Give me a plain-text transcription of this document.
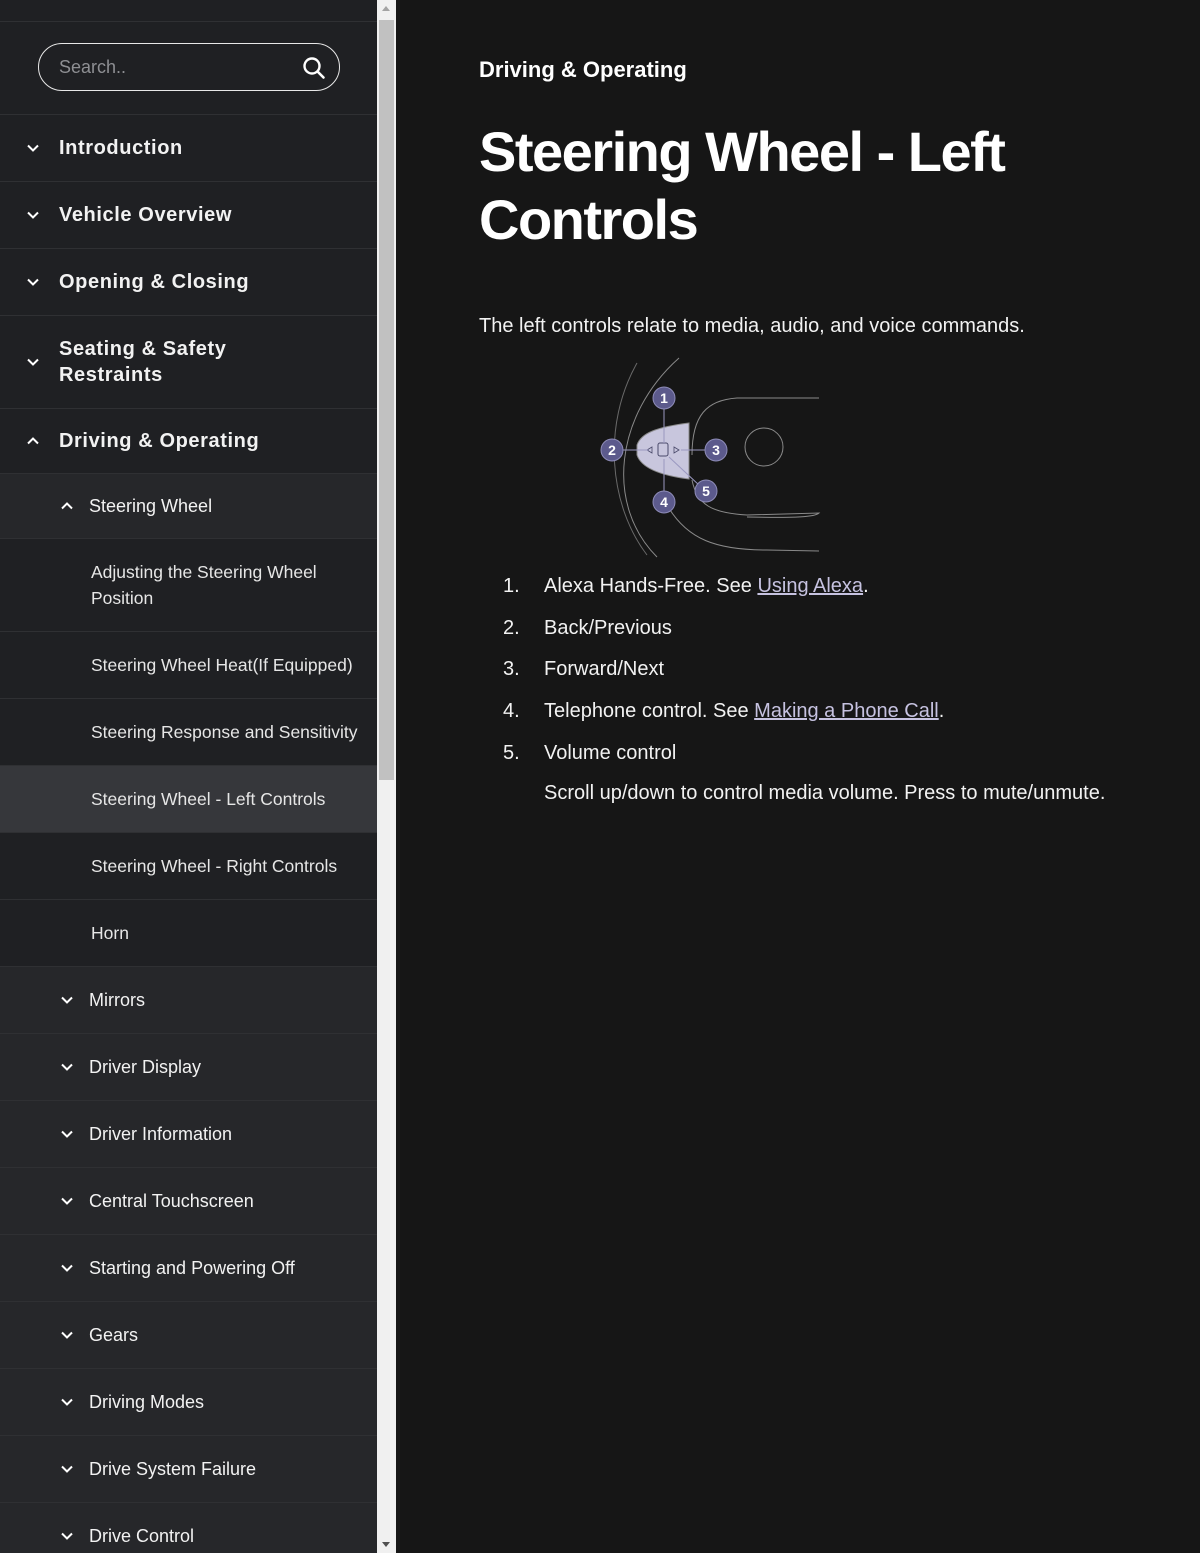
Search..
Introduction
Vehicle Overview
Opening & Closing
Seating & Safety
Restraints
Driving & Operating
Steering Wheel
Adjusting the Steering Wheel Position
Steering Wheel Heat(If Equipped)
Steering Response and Sensitivity
Steering Wheel - Left Controls
Steering Wheel - Right Controls
Horn
Mirrors
Driver Display
Driver Information
Central Touchscreen
Starting and Powering Off
Gears
Driving Modes
Drive System Failure
Drive Control
Driving & Operating
Steering Wheel - Left Controls
The left controls relate to media, audio, and voice commands.
1
2	3
4
5
1.	Alexa Hands-Free. See Using Alexa.
2.	Back/Previous
3.	Forward/Next
4.	Telephone control. See Making a Phone Call.
5.	Volume control
Scroll up/down to control media volume. Press to mute/unmute.
